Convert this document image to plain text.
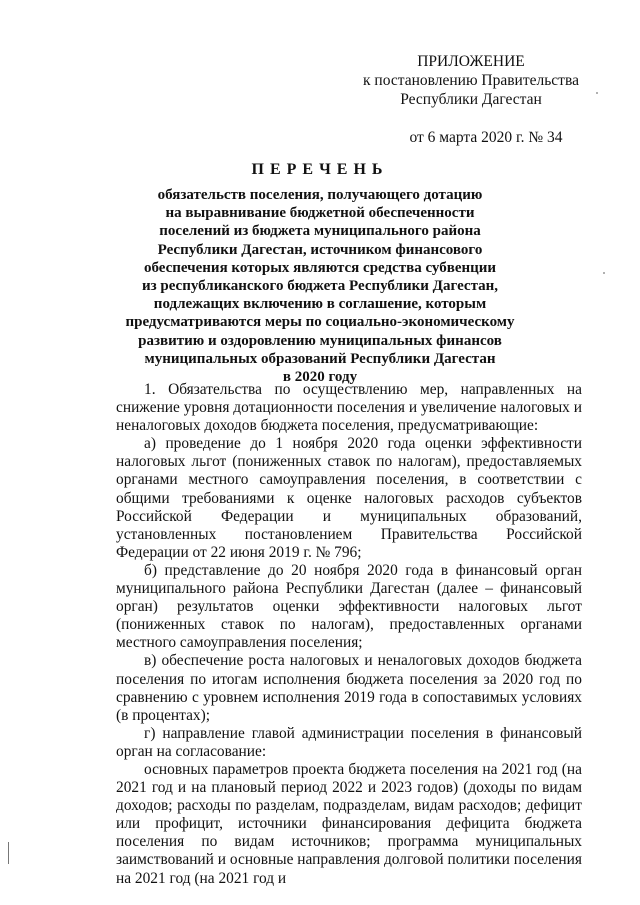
ПРИЛОЖЕНИЕ
к постановлению Правительства
Республики Дагестан
от 6 марта 2020 г. № 34
ПЕРЕЧЕНЬ
обязательств поселения, получающего дотацию
на выравнивание бюджетной обеспеченности
поселений из бюджета муниципального района
Республики Дагестан, источником финансового
обеспечения которых являются средства субвенции
из республиканского бюджета Республики Дагестан,
подлежащих включению в соглашение, которым
предусматриваются меры по социально-экономическому
развитию и оздоровлению муниципальных финансов
муниципальных образований Республики Дагестан
в 2020 году

1. Обязательства по осуществлению мер, направленных на снижение уровня дотационности поселения и увеличение налоговых и неналоговых доходов бюджета поселения, предусматривающие:

а) проведение до 1 ноября 2020 года оценки эффективности налоговых льгот (пониженных ставок по налогам), предоставляемых органами местного самоуправления поселения, в соответствии с общими требованиями к оценке налоговых расходов субъектов Российской Федерации и муниципальных образований, установленных постановлением Правительства Российской Федерации от 22 июня 2019 г. № 796;

б) представление до 20 ноября 2020 года в финансовый орган муниципального района Республики Дагестан (далее – финансовый орган) результатов оценки эффективности налоговых льгот (пониженных ставок по налогам), предоставленных органами местного самоуправления поселения;

в) обеспечение роста налоговых и неналоговых доходов бюджета поселения по итогам исполнения бюджета поселения за 2020 год по сравнению с уровнем исполнения 2019 года в сопоставимых условиях (в процентах);

г) направление главой администрации поселения в финансовый орган на согласование:

основных параметров проекта бюджета поселения на 2021 год (на 2021 год и на плановый период 2022 и 2023 годов) (доходы по видам доходов; расходы по разделам, подразделам, видам расходов; дефицит или профицит, источники финансирования дефицита бюджета поселения по видам источников; программа муниципальных заимствований и основные направления долговой политики поселения на 2021 год (на 2021 год и
